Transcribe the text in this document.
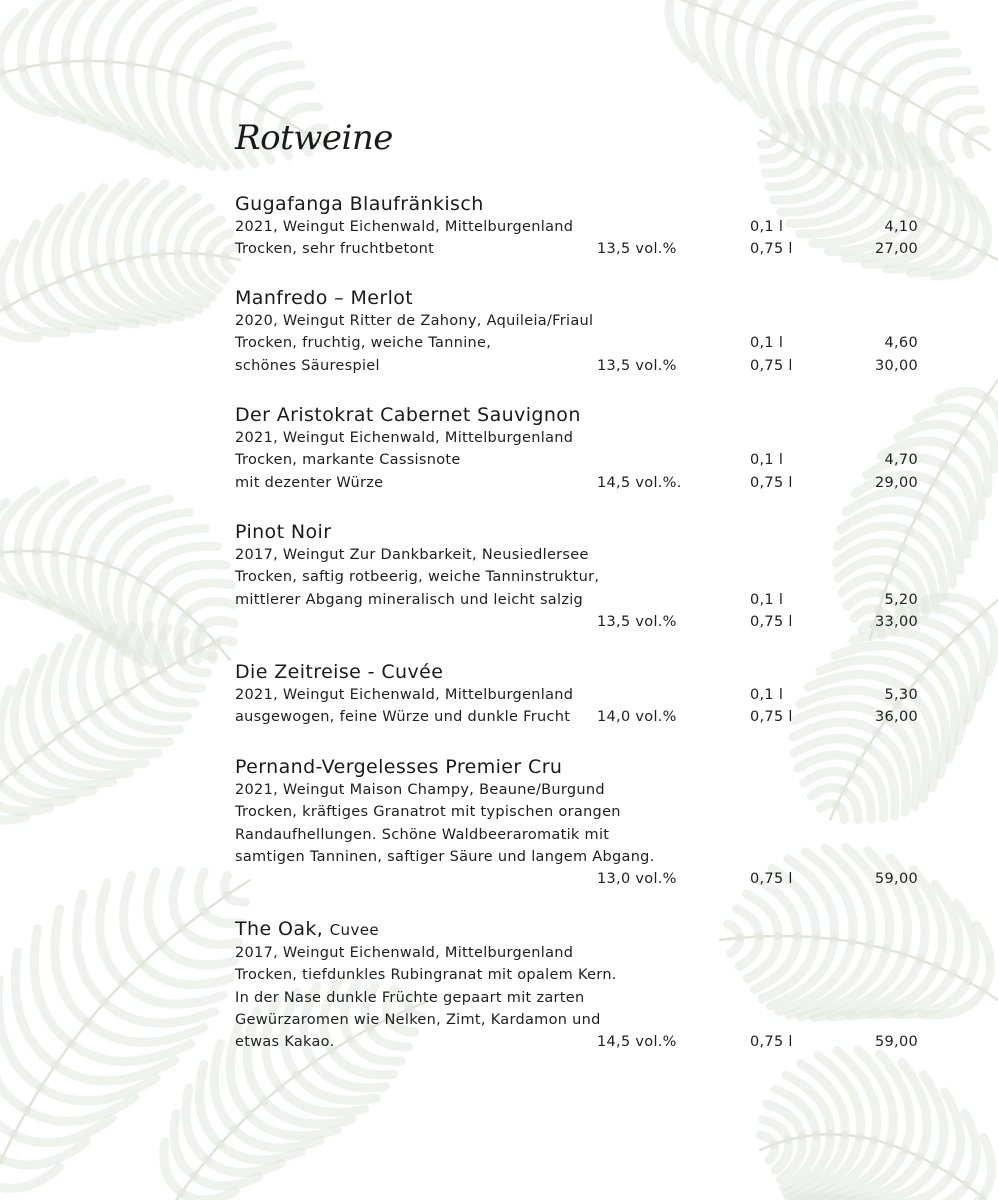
Rotweine
Gugafanga Blaufränkisch
2021, Weingut Eichenwald, Mittelburgenland	0,1 l	4,10
Trocken, sehr fruchtbetont	13,5 vol.%	0,75 l	27,00
Manfredo – Merlot
2020, Weingut Ritter de Zahony, Aquileia/Friaul
Trocken, fruchtig, weiche Tannine,	0,1 l	4,60
schönes Säurespiel	13,5 vol.%	0,75 l	30,00
Der Aristokrat Cabernet Sauvignon
2021, Weingut Eichenwald, Mittelburgenland
Trocken, markante Cassisnote	0,1 l	4,70
mit dezenter Würze	14,5 vol.%.	0,75 l	29,00
Pinot Noir
2017, Weingut Zur Dankbarkeit, Neusiedlersee
Trocken, saftig rotbeerig, weiche Tanninstruktur,
mittlerer Abgang mineralisch und leicht salzig	0,1 l	5,20
13,5 vol.%	0,75 l	33,00
Die Zeitreise - Cuvée
2021, Weingut Eichenwald, Mittelburgenland	0,1 l	5,30
ausgewogen, feine Würze und dunkle Frucht 14,0 vol.%	0,75 l	36,00
Pernand-Vergelesses Premier Cru
2021, Weingut Maison Champy, Beaune/Burgund
Trocken, kräftiges Granatrot mit typischen orangen
Randaufhellungen. Schöne Waldbeeraromatik mit
samtigen Tanninen, saftiger Säure und langem Abgang.
13,0 vol.%	0,75 l	59,00
The Oak, Cuvee
2017, Weingut Eichenwald, Mittelburgenland
Trocken, tiefdunkles Rubingranat mit opalem Kern.
In der Nase dunkle Früchte gepaart mit zarten
Gewürzaromen wie Nelken, Zimt, Kardamon und
etwas Kakao.	14,5 vol.%	0,75 l	59,00
